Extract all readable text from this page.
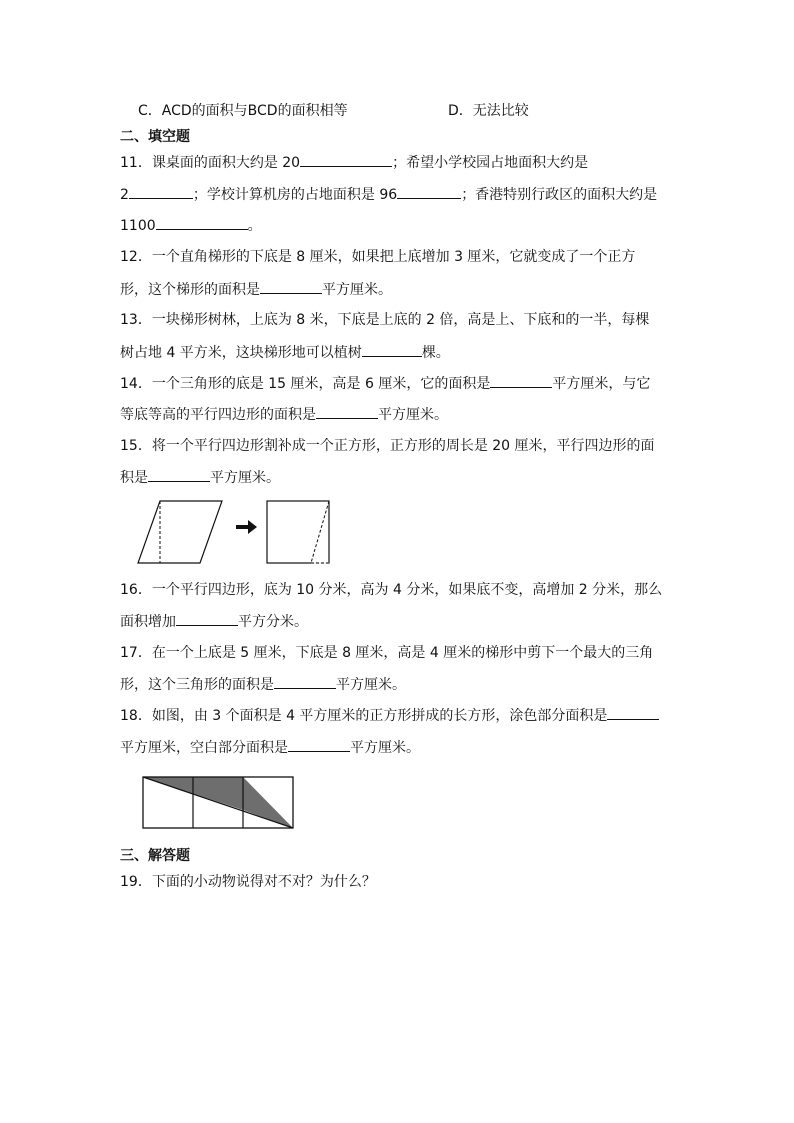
C．ACD的面积与BCD的面积相等	D．无法比较
二、填空题
11．课桌面的面积大约是 20	；希望小学校园占地面积大约是
2	；学校计算机房的占地面积是 96	；香港特别行政区的面积大约是
1100	。
12．一个直角梯形的下底是 8 厘米，如果把上底增加 3 厘米，它就变成了一个正方
形，这个梯形的面积是	平方厘米。
13．一块梯形树林，上底为 8 米，下底是上底的 2 倍，高是上、下底和的一半，每棵
树占地 4 平方米，这块梯形地可以植树	棵。
14．一个三角形的底是 15 厘米，高是 6 厘米，它的面积是	平方厘米，与它
等底等高的平行四边形的面积是	平方厘米。
15．将一个平行四边形割补成一个正方形，正方形的周长是 20 厘米，平行四边形的面
积是	平方厘米。
16．一个平行四边形，底为 10 分米，高为 4 分米，如果底不变，高增加 2 分米，那么
面积增加	平方分米。
17．在一个上底是 5 厘米，下底是 8 厘米，高是 4 厘米的梯形中剪下一个最大的三角
形，这个三角形的面积是	平方厘米。
18．如图，由 3 个面积是 4 平方厘米的正方形拼成的长方形，涂色部分面积是
平方厘米，空白部分面积是	平方厘米。
三、解答题
19．下面的小动物说得对不对？为什么？
